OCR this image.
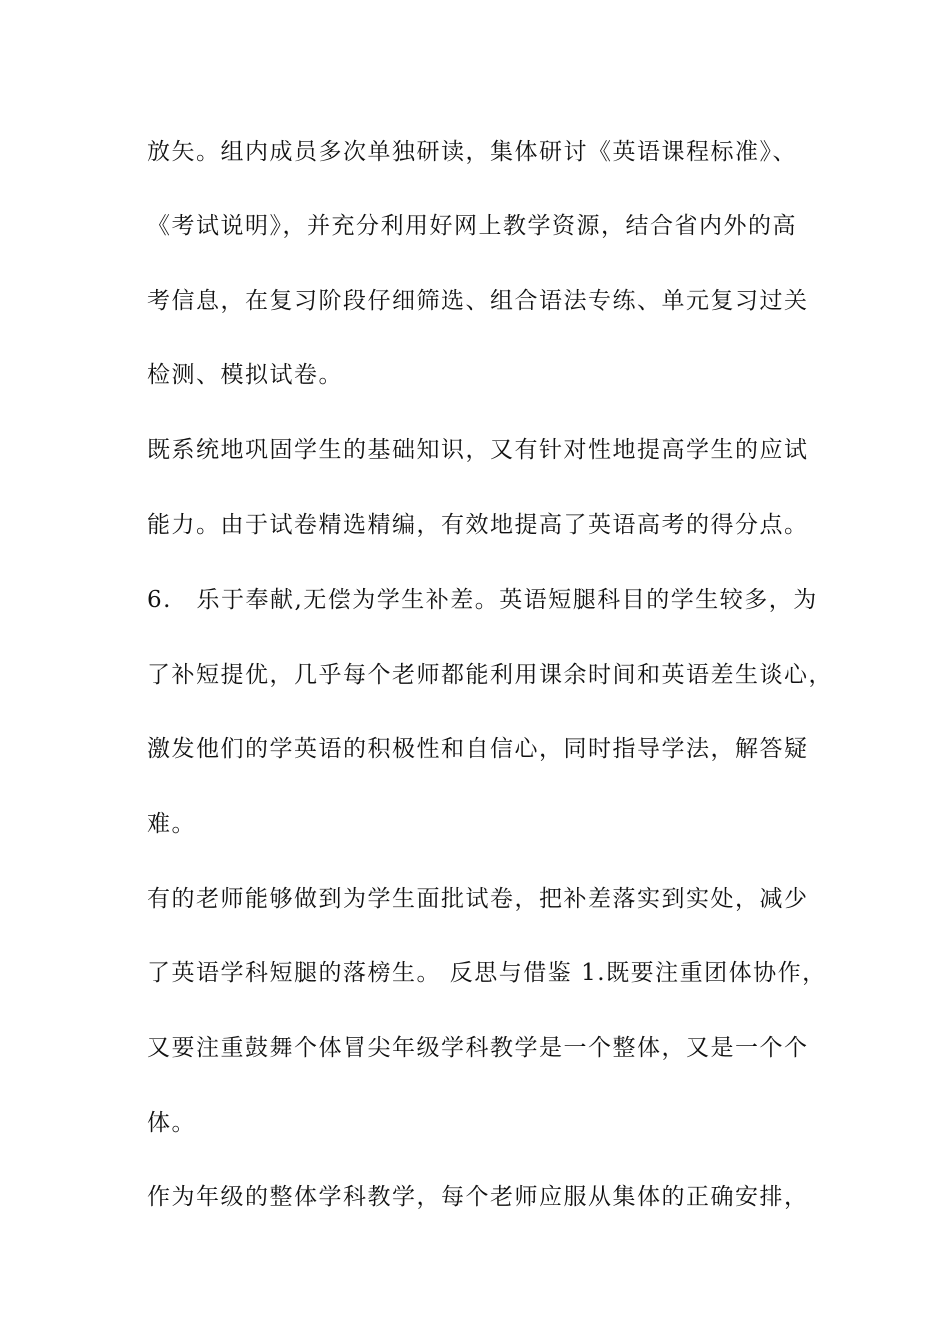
放矢。组内成员多次单独研读，集体研讨《英语课程标准》、
《考试说明》，并充分利用好网上教学资源，结合省内外的高
考信息，在复习阶段仔细筛选、组合语法专练、单元复习过关
检测、模拟试卷。
既系统地巩固学生的基础知识，又有针对性地提高学生的应试
能力。由于试卷精选精编，有效地提高了英语高考的得分点。
6.　乐于奉献,无偿为学生补差。英语短腿科目的学生较多，为
了补短提优，几乎每个老师都能利用课余时间和英语差生谈心，
激发他们的学英语的积极性和自信心，同时指导学法，解答疑
难。
有的老师能够做到为学生面批试卷，把补差落实到实处，减少
了英语学科短腿的落榜生。 反思与借鉴 1.既要注重团体协作，
又要注重鼓舞个体冒尖年级学科教学是一个整体，又是一个个
体。
作为年级的整体学科教学，每个老师应服从集体的正确安排，
